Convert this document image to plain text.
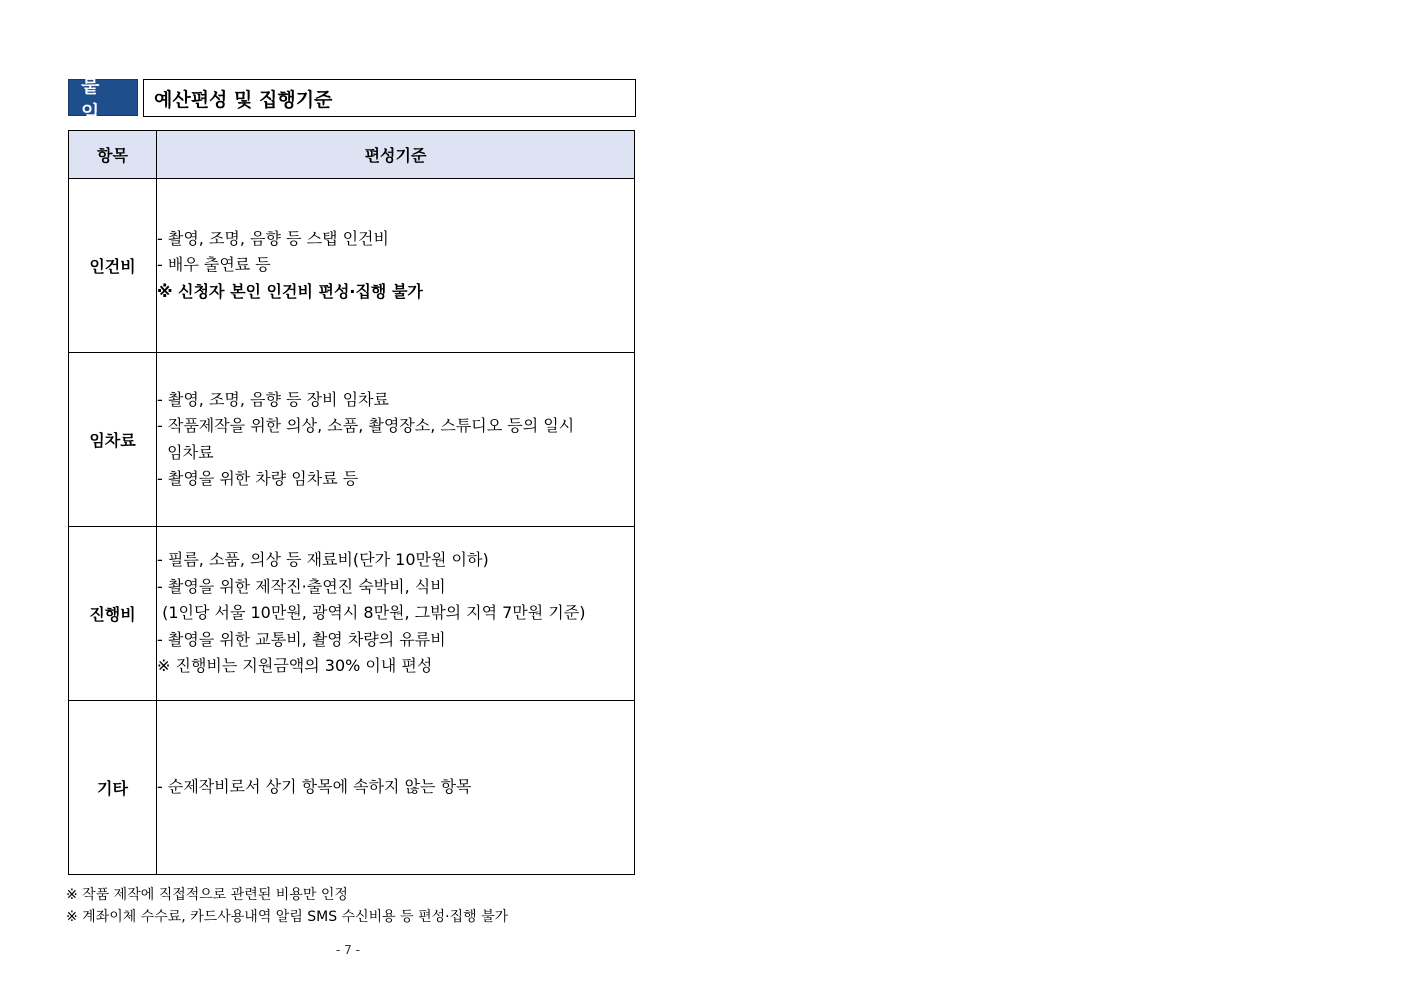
붙 임
예산편성 및 집행기준
항목	편성기준
인건비	- 촬영, 조명, 음향 등 스탭 인건비
- 배우 출연료 등
※ 신청자 본인 인건비 편성·집행 불가

임차료	- 촬영, 조명, 음향 등 장비 임차료
- 작품제작을 위한 의상, 소품, 촬영장소, 스튜디오 등의 일시
임차료
- 촬영을 위한 차량 임차료 등

진행비	- 필름, 소품, 의상 등 재료비(단가 10만원 이하)
- 촬영을 위한 제작진·출연진 숙박비, 식비
(1인당 서울 10만원, 광역시 8만원, 그밖의 지역 7만원 기준)
- 촬영을 위한 교통비, 촬영 차량의 유류비
※ 진행비는 지원금액의 30% 이내 편성

기타	- 순제작비로서 상기 항목에 속하지 않는 항목
※ 작품 제작에 직접적으로 관련된 비용만 인정
※ 계좌이체 수수료, 카드사용내역 알림 SMS 수신비용 등 편성·집행 불가
- 7 -
